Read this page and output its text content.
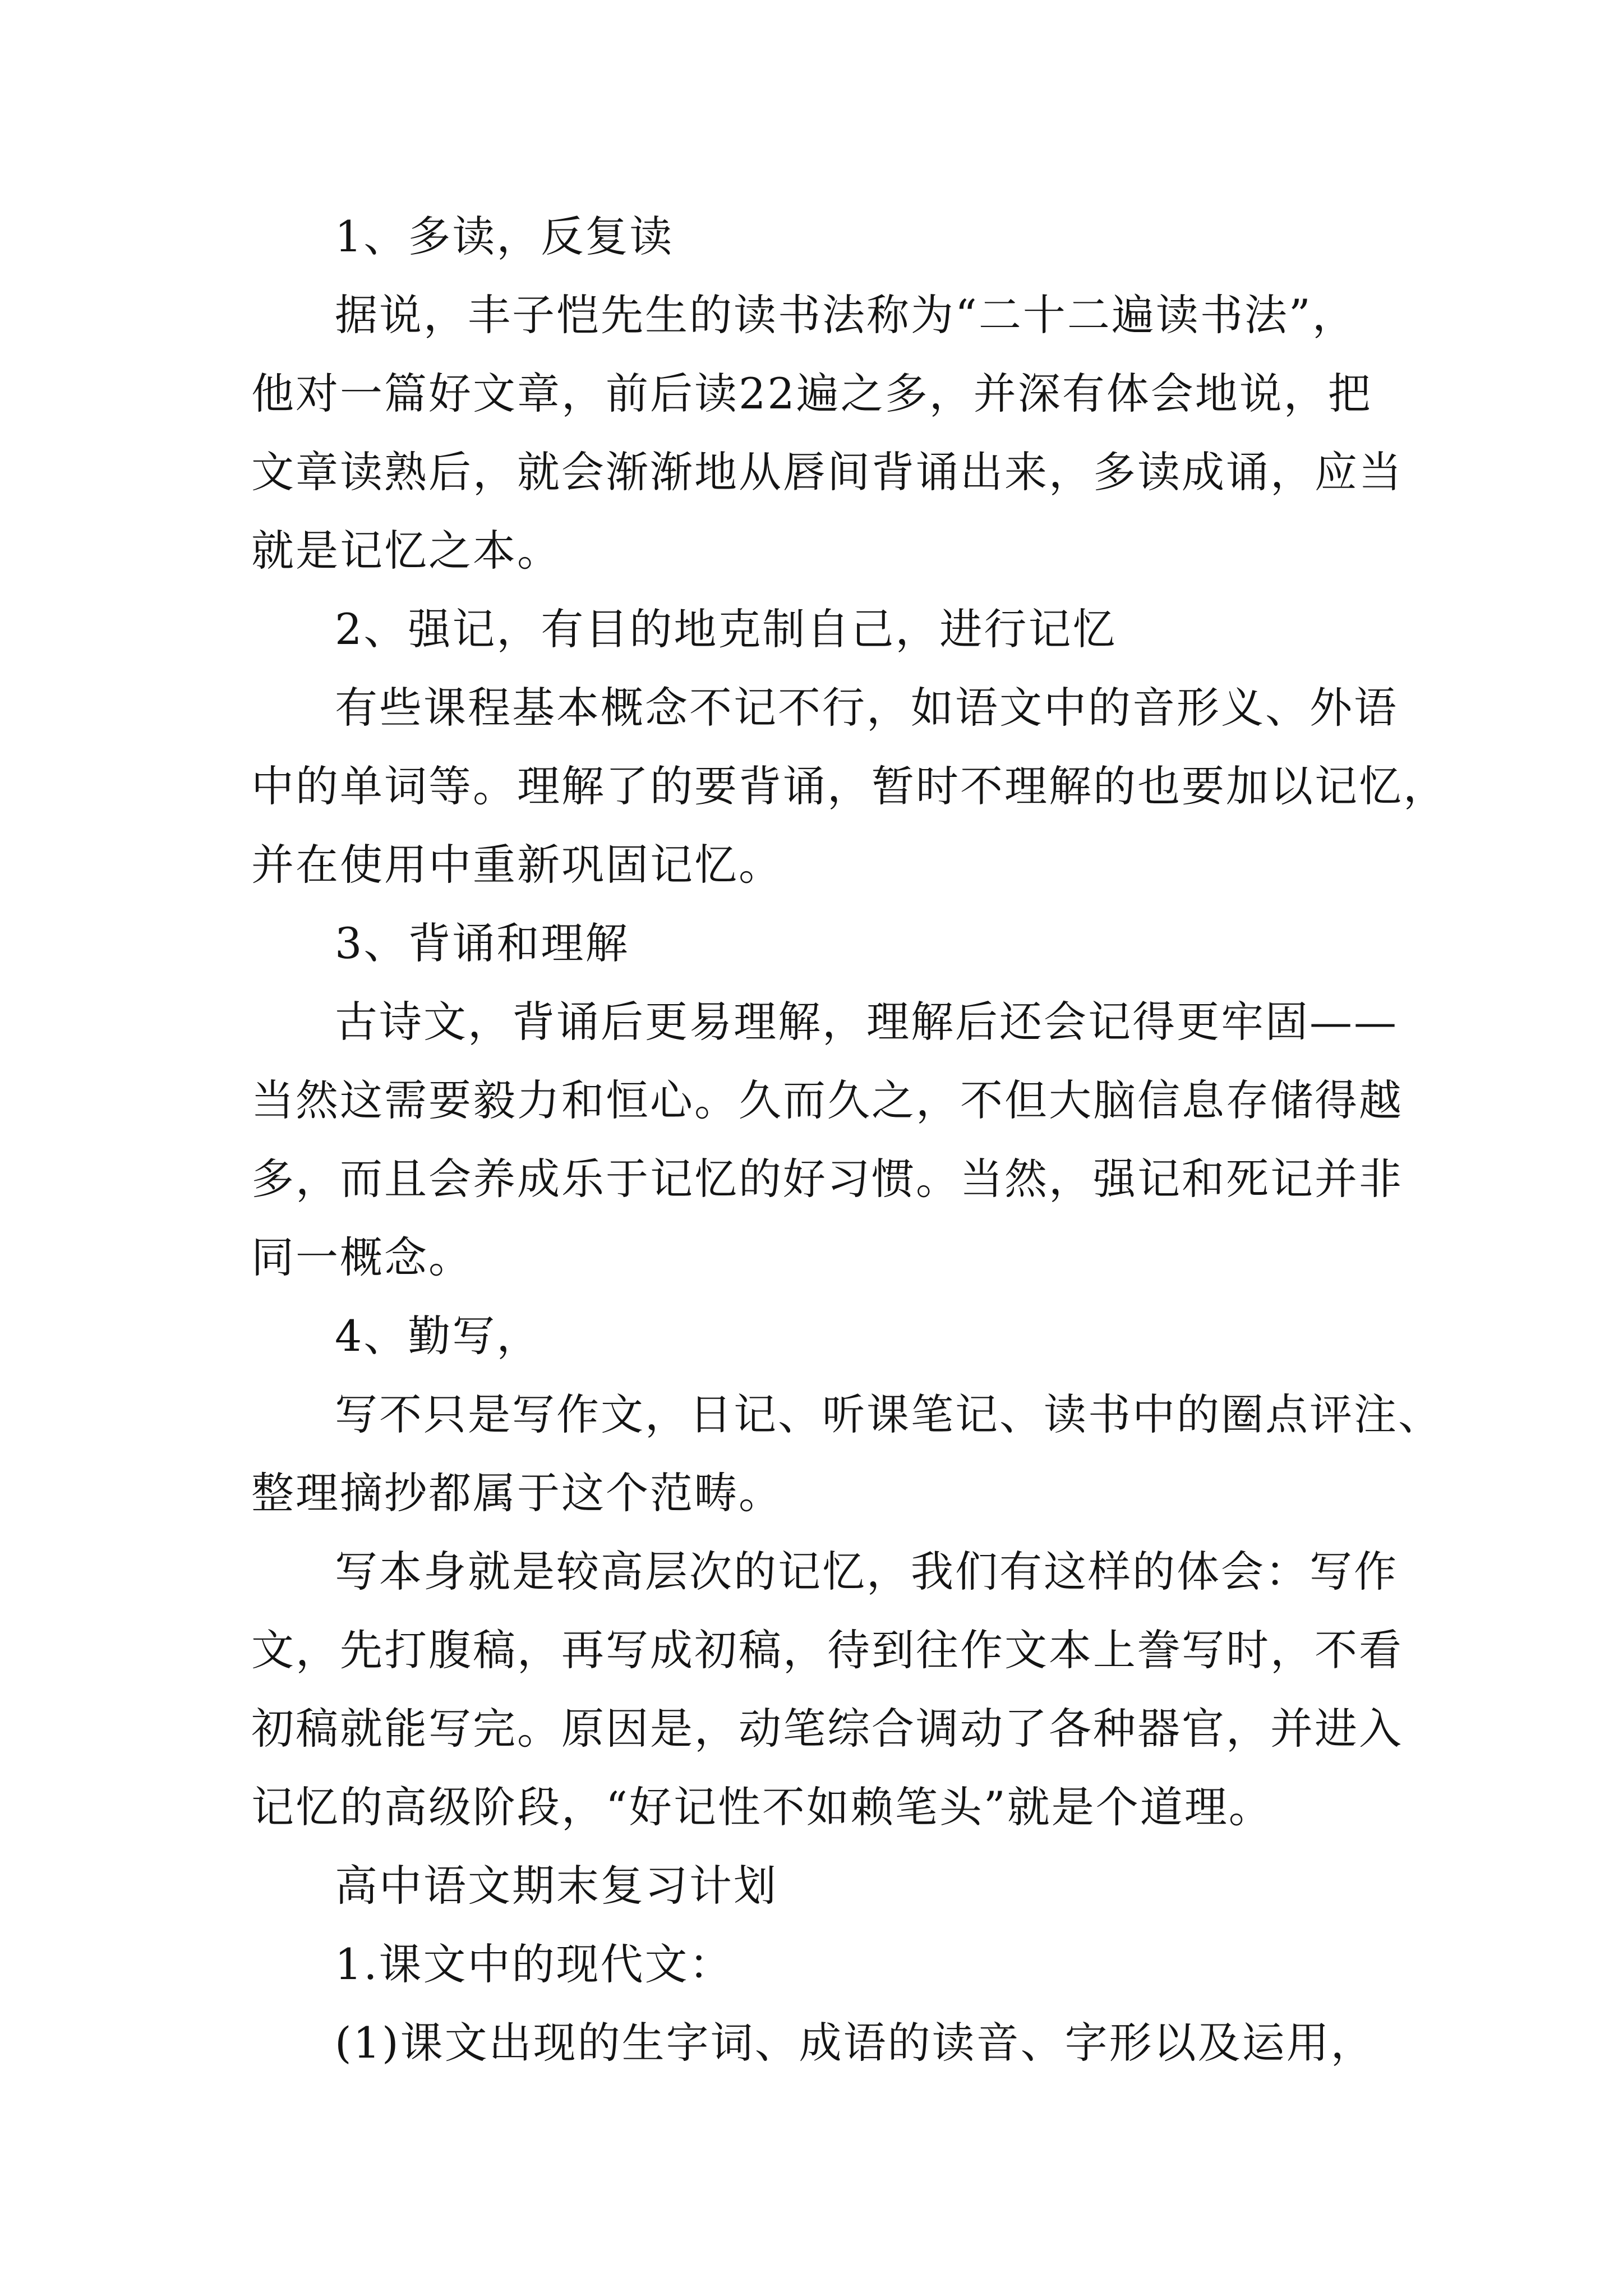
1、多读，反复读

据说，丰子恺先生的读书法称为“二十二遍读书法”，

他对一篇好文章，前后读22遍之多，并深有体会地说，把

文章读熟后，就会渐渐地从唇间背诵出来，多读成诵，应当

就是记忆之本。

2、强记，有目的地克制自己，进行记忆

有些课程基本概念不记不行，如语文中的音形义、外语

中的单词等。理解了的要背诵，暂时不理解的也要加以记忆，

并在使用中重新巩固记忆。

3、背诵和理解

古诗文，背诵后更易理解，理解后还会记得更牢固——

当然这需要毅力和恒心。久而久之，不但大脑信息存储得越

多，而且会养成乐于记忆的好习惯。当然，强记和死记并非

同一概念。

4、勤写，

写不只是写作文，日记、听课笔记、读书中的圈点评注、

整理摘抄都属于这个范畴。

写本身就是较高层次的记忆，我们有这样的体会：写作

文，先打腹稿，再写成初稿，待到往作文本上誊写时，不看

初稿就能写完。原因是，动笔综合调动了各种器官，并进入

记忆的高级阶段，“好记性不如赖笔头”就是个道理。

高中语文期末复习计划

1.课文中的现代文：

(1)课文出现的生字词、成语的读音、字形以及运用，
